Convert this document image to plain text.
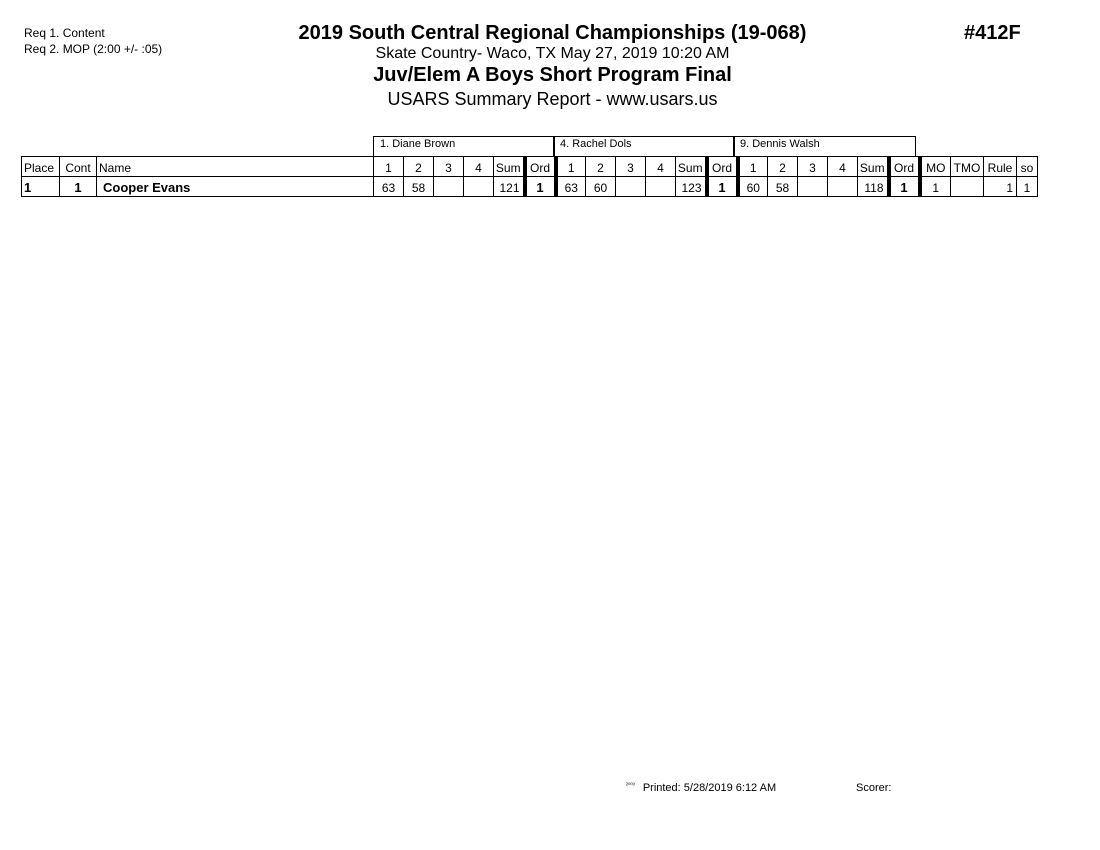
Req 1. Content
Req 2. MOP (2:00 +/- :05)
2019 South Central Regional Championships (19-068)
Skate Country- Waco, TX May 27, 2019 10:20 AM
Juv/Elem A Boys Short Program Final
USARS Summary Report - www.usars.us
#412F
1. Diane Brown	4. Rachel Dols	9. Dennis Walsh
Place	Cont	Name	1	2	3	4	Sum	Ord	1	2	3	4	Sum	Ord	1	2	3	4	Sum	Ord	MO	TMO	Rule	so
1	1	Cooper Evans	63	58			121	1	63	60			123	1	60	58			118	1	1		1	1
$^{^{2003}}$ Printed: 5/28/2019 6:12 AM	Scorer:
